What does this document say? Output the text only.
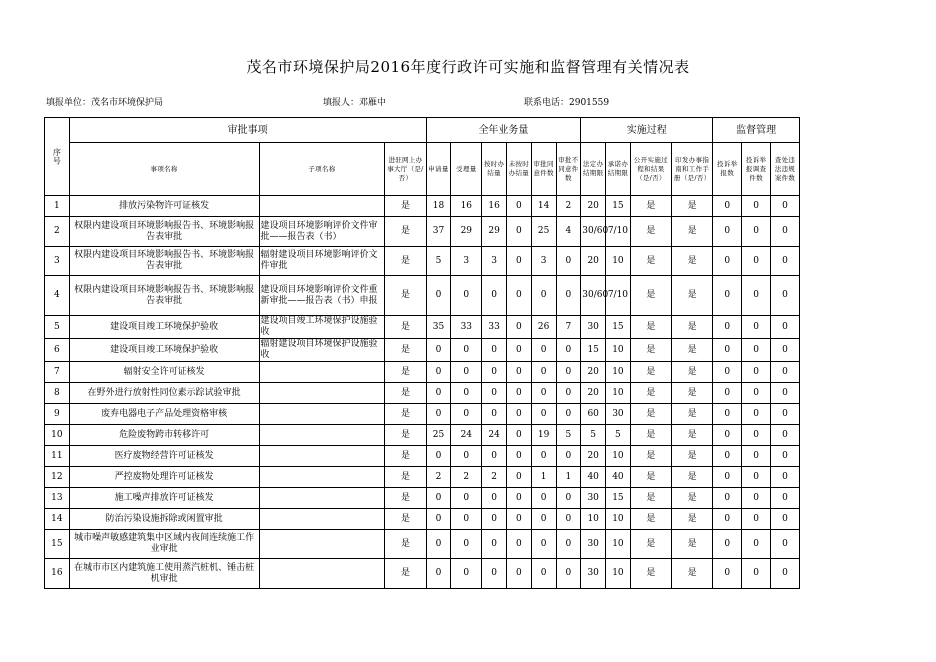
茂名市环境保护局2016年度行政许可实施和监督管理有关情况表
填报单位：茂名市环境保护局	填报人：邓雁中	联系电话：2901559
序号	审批事项			全年业务量						实施过程				监督管理		
	事项名称	子项名称	进驻网上办事大厅（是/否）	申请量	受理量	按时办结量	未按时办结量	审批同意件数	审批不同意件数	法定办结期限	承诺办结期限	公开实施过程和结果（是/否）	印发办事指南和工作手册（是/否）	投诉举报数	投诉举报调查件数	查处违法违规案件数
1	排放污染物许可证核发		是	18	16	16	0	14	2	20	15	是	是	0	0	0
2	权限内建设项目环境影响报告书、环境影响报告表审批	建设项目环境影响评价文件审批——报告表（书）	是	37	29	29	0	25	4	30/60	7/10	是	是	0	0	0
3	权限内建设项目环境影响报告书、环境影响报告表审批	辐射建设项目环境影响评价文件审批	是	5	3	3	0	3	0	20	10	是	是	0	0	0
4	权限内建设项目环境影响报告书、环境影响报告表审批	建设项目环境影响评价文件重新审批——报告表（书）申报	是	0	0	0	0	0	0	30/60	7/10	是	是	0	0	0
5	建设项目竣工环境保护验收	建设项目竣工环境保护设施验收	是	35	33	33	0	26	7	30	15	是	是	0	0	0
6	建设项目竣工环境保护验收	辐射建设项目环境保护设施验收	是	0	0	0	0	0	0	15	10	是	是	0	0	0
7	辐射安全许可证核发		是	0	0	0	0	0	0	20	10	是	是	0	0	0
8	在野外进行放射性同位素示踪试验审批		是	0	0	0	0	0	0	20	10	是	是	0	0	0
9	废弃电器电子产品处理资格审核		是	0	0	0	0	0	0	60	30	是	是	0	0	0
10	危险废物跨市转移许可		是	25	24	24	0	19	5	5	5	是	是	0	0	0
11	医疗废物经营许可证核发		是	0	0	0	0	0	0	20	10	是	是	0	0	0
12	严控废物处理许可证核发		是	2	2	2	0	1	1	40	40	是	是	0	0	0
13	施工噪声排放许可证核发		是	0	0	0	0	0	0	30	15	是	是	0	0	0
14	防治污染设施拆除或闲置审批		是	0	0	0	0	0	0	10	10	是	是	0	0	0
15	城市噪声敏感建筑集中区域内夜间连续施工作业审批		是	0	0	0	0	0	0	30	10	是	是	0	0	0
16	在城市市区内建筑施工使用蒸汽桩机、锤击桩机审批		是	0	0	0	0	0	0	30	10	是	是	0	0	0
